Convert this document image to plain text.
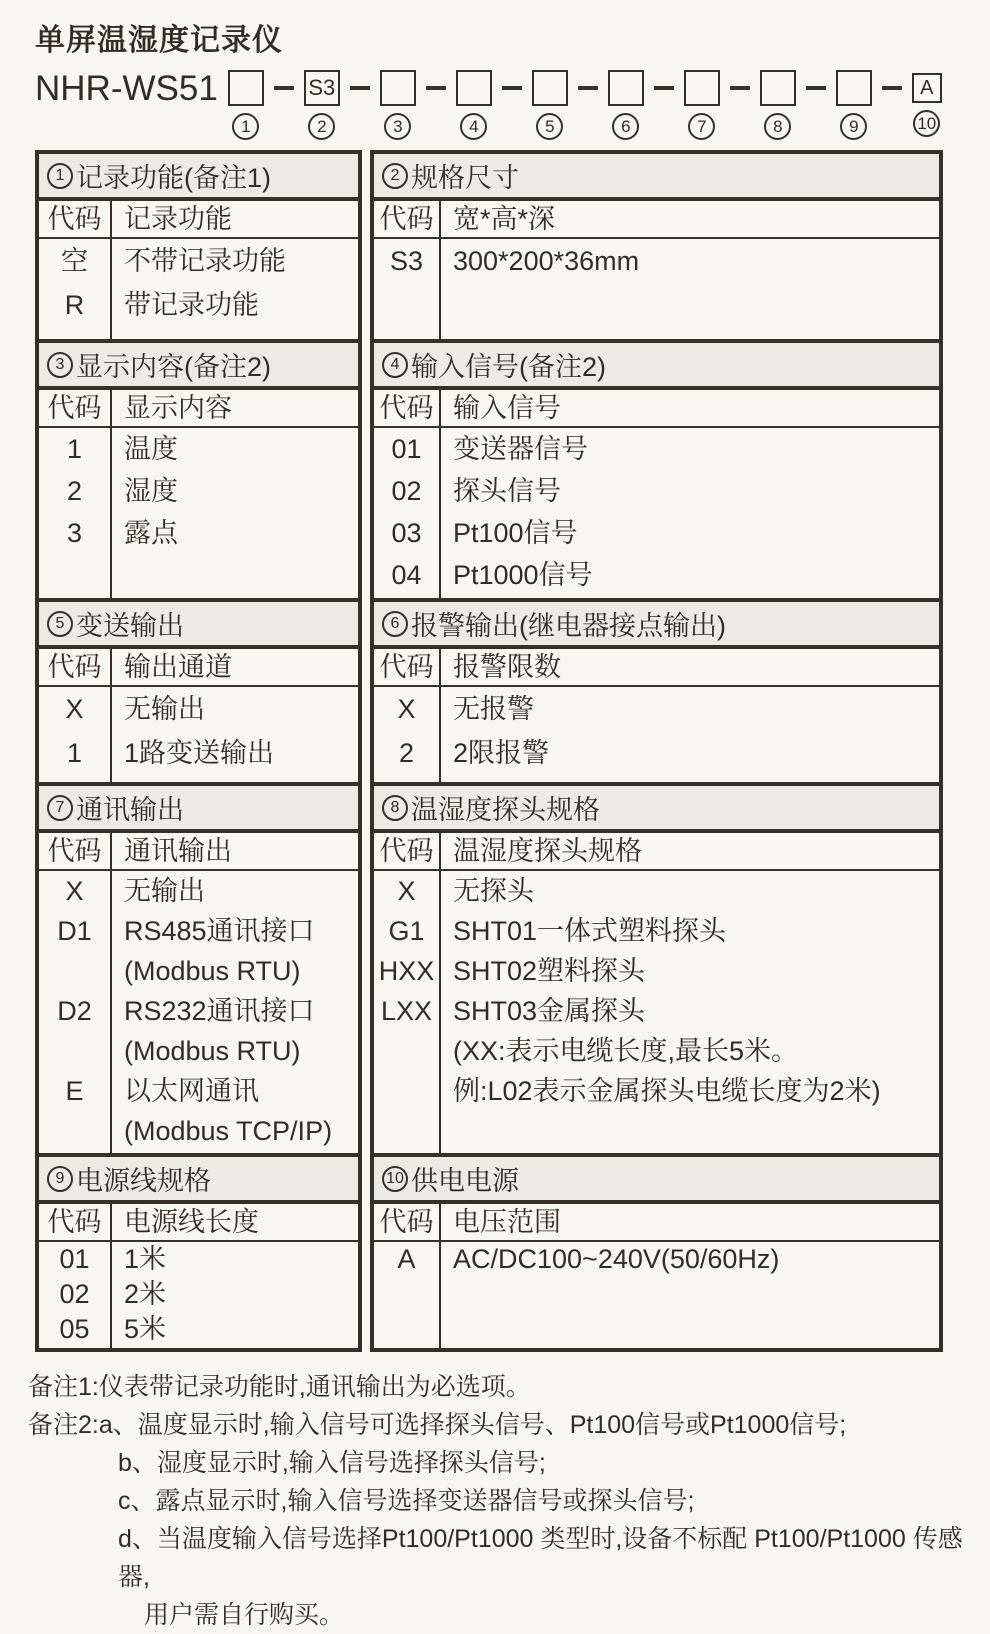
单屏温湿度记录仪
NHR-WS51
1
S3
2	3	4	5	6	7	8	9
A
10
1 记录功能(备注1)
代码 记录功能
空	不带记录功能
R	带记录功能
3 显示内容(备注2)
代码 显示内容
1	温度
2	湿度
3	露点
5 变送输出
代码 输出通道
X	无输出
1	1路变送输出
7 通讯输出
代码 通讯输出
X	无输出
D1	RS485通讯接口
(Modbus RTU)
D2	RS232通讯接口
(Modbus RTU)
E	以太网通讯
(Modbus TCP/IP)
9 电源线规格
代码 电源线长度
01	1米
02	2米
05	5米
2 规格尺寸
代码 宽*高*深
S3	300*200*36mm
4 输入信号(备注2)
代码 输入信号
01	变送器信号
02	探头信号
03	Pt100信号
04	Pt1000信号
6 报警输出(继电器接点输出)
代码 报警限数
X	无报警
2	2限报警
8 温湿度探头规格
代码 温湿度探头规格
X	无探头
G1	SHT01一体式塑料探头
HXX SHT02塑料探头
LXX SHT03金属探头
(XX:表示电缆长度,最长5米。
例:L02表示金属探头电缆长度为2米)
10 供电电源
代码 电压范围
A	AC/DC100~240V(50/60Hz)
备注1:仪表带记录功能时,通讯输出为必选项。
备注2:a、温度显示时,输入信号可选择探头信号、Pt100信号或Pt1000信号;
b、湿度显示时,输入信号选择探头信号;
c、露点显示时,输入信号选择变送器信号或探头信号;
d、当温度输入信号选择Pt100/Pt1000 类型时,设备不标配 Pt100/Pt1000 传感器,
用户需自行购买。
